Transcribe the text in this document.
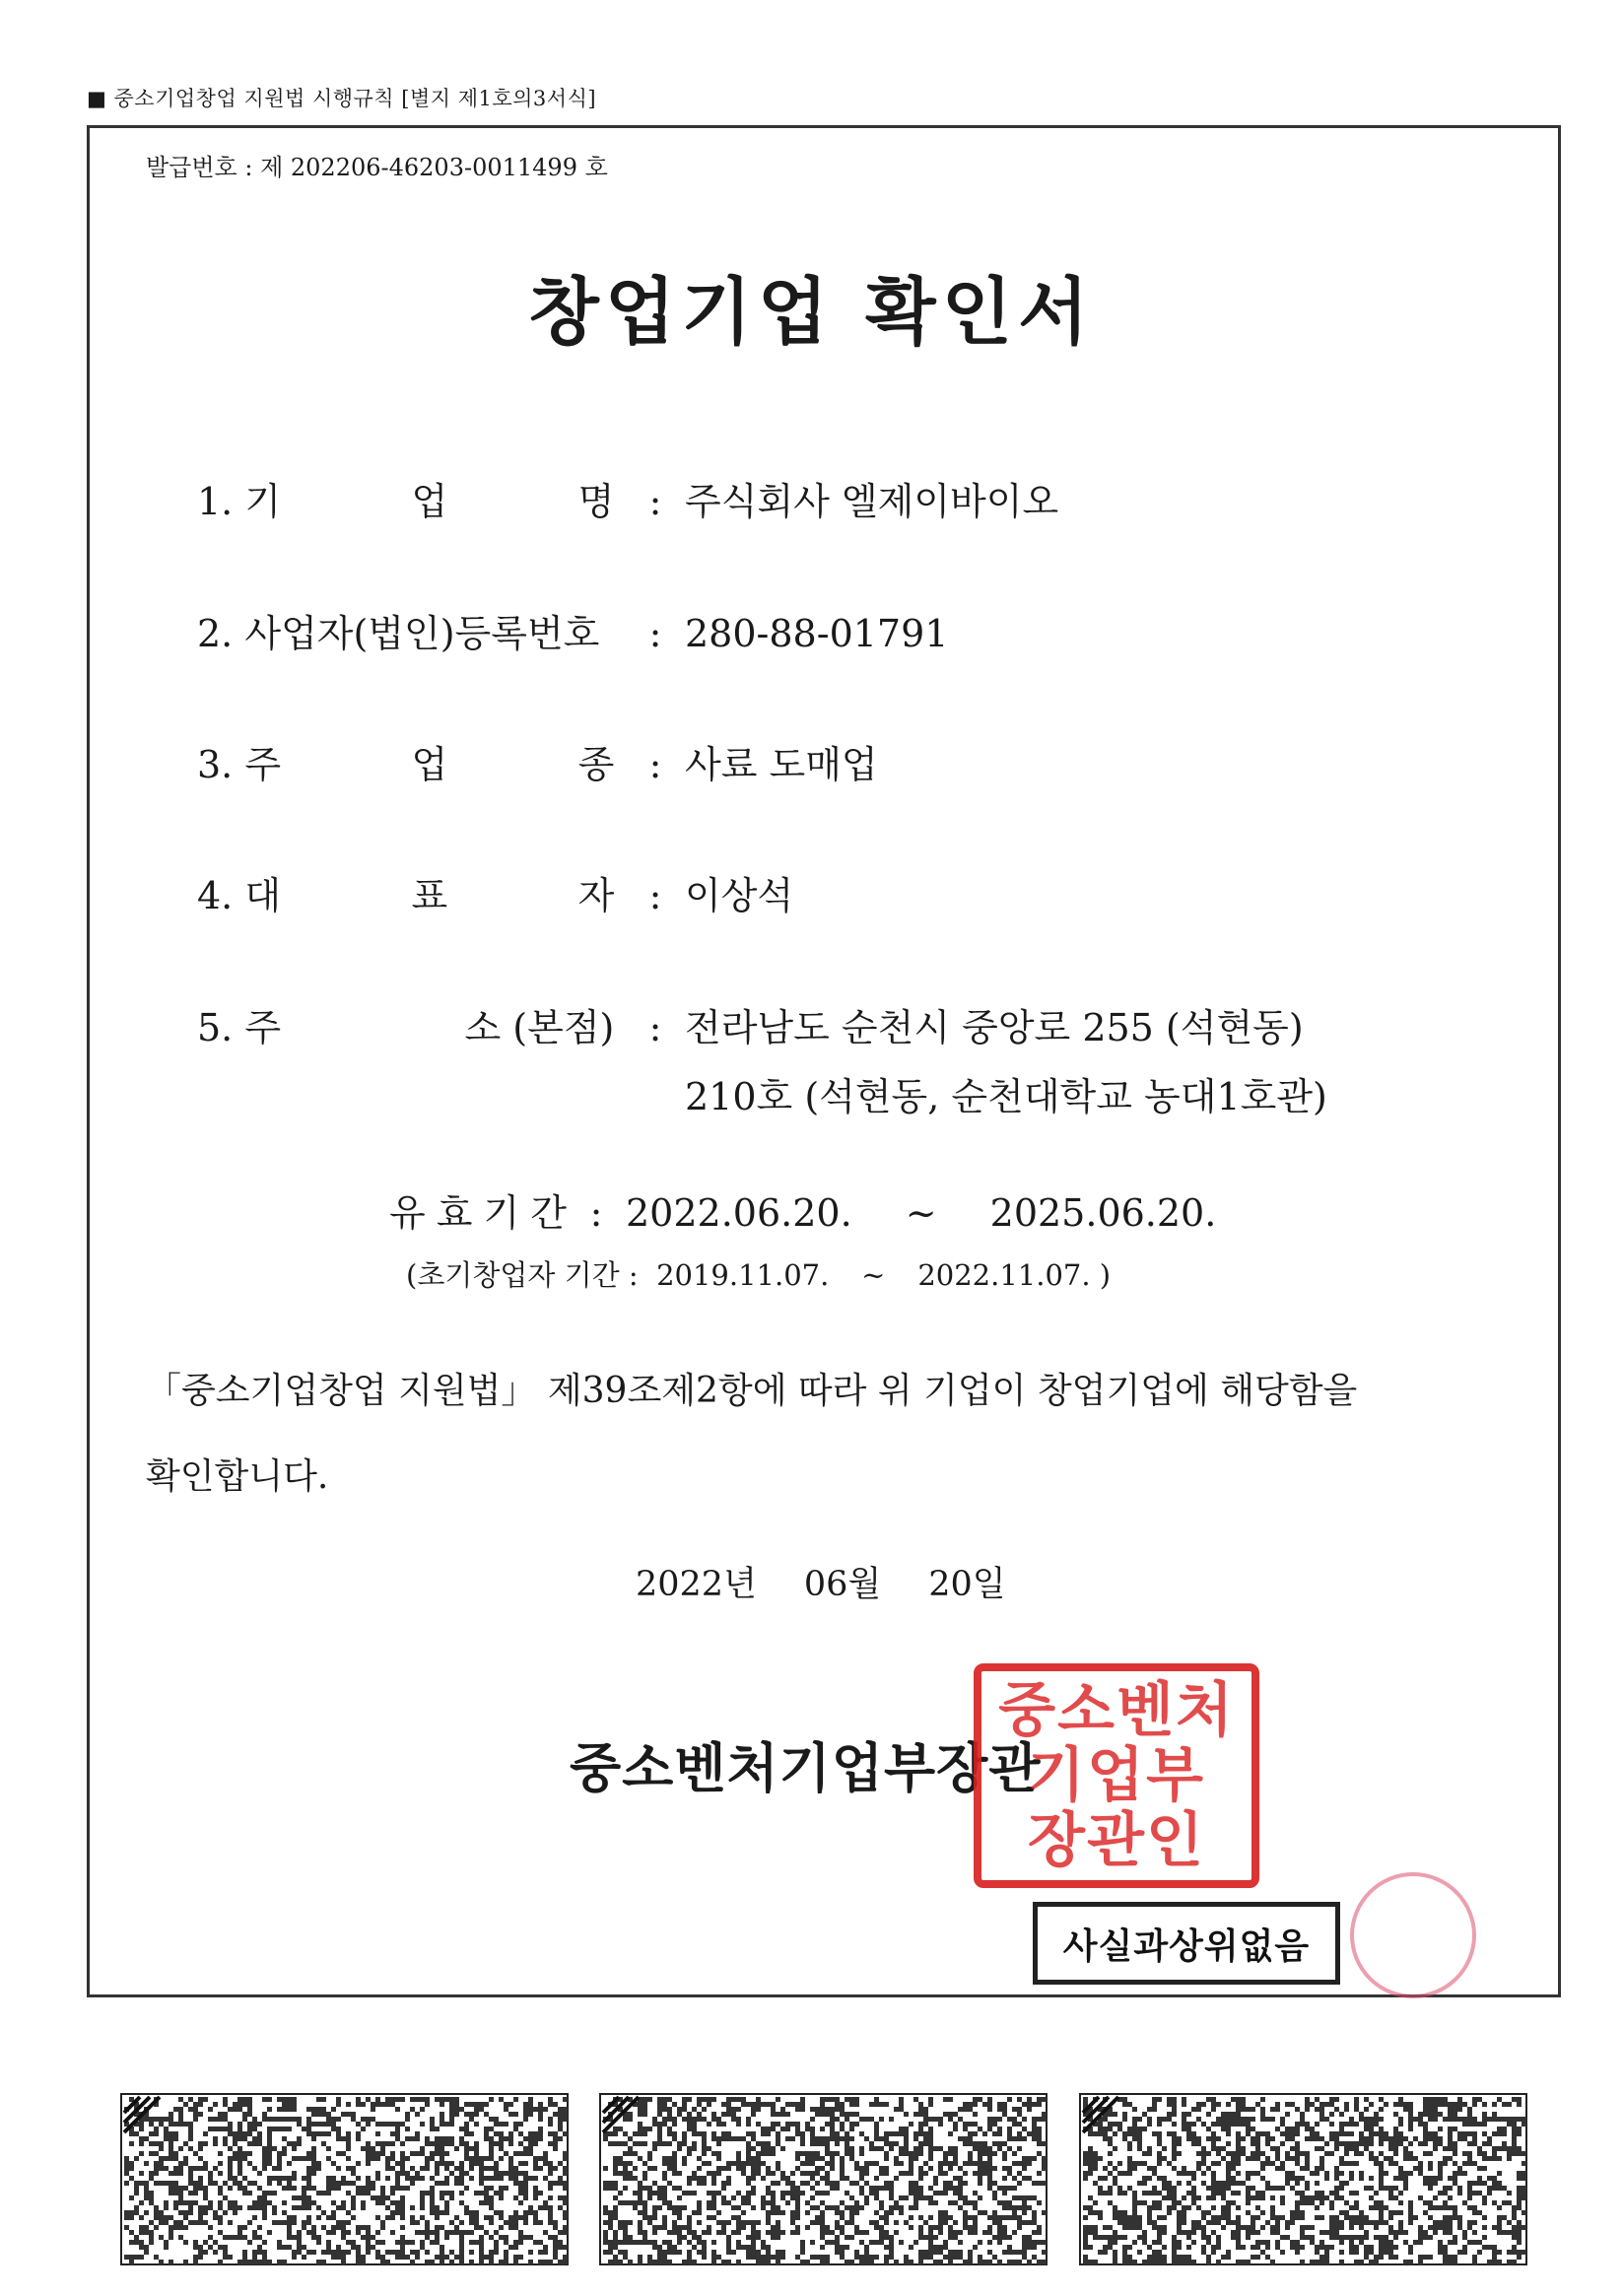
■ 중소기업창업 지원법 시행규칙 [별지 제1호의3서식]
발급번호 : 제 202206-46203-0011499 호
창업기업 확인서
1. 기	업	명 : 주식회사 엘제이바이오
2. 사업자(법인)등록번호 : 280-88-01791
3. 주	업	종 : 사료 도매업
4. 대	표	자 : 이상석
5. 주	소 (본점) : 전라남도 순천시 중앙로 255 (석현동)
210호 (석현동, 순천대학교 농대1호관)
유 효 기 간 : 2022.06.20. ~ 2025.06.20.
(초기창업자 기간 : 2019.11.07. ~ 2022.11.07. )
「중소기업창업 지원법」 제39조제2항에 따라 위 기업이 창업기업에 해당함을
확인합니다.
2022년 06월 20일
중소벤처기업부장관
중소벤처
기업부
장관인
사실과상위없음
